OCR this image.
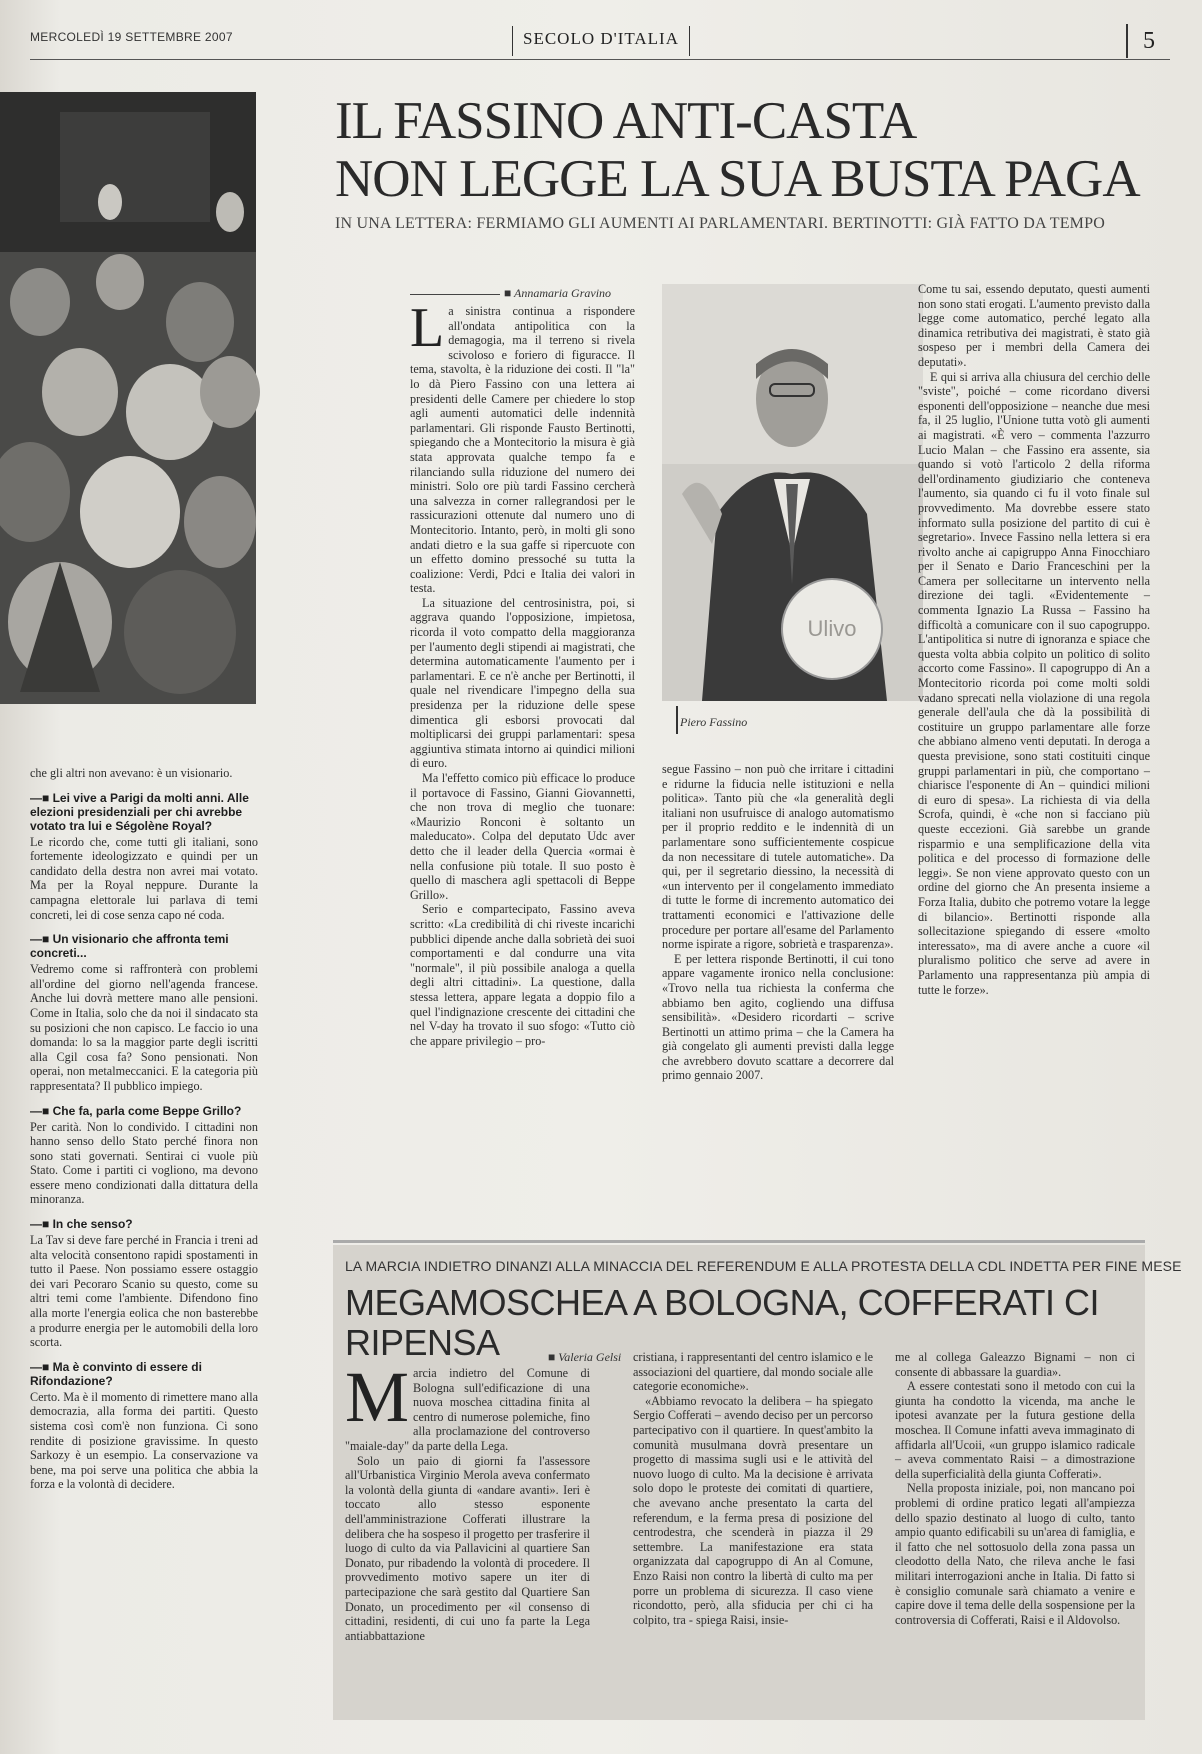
MERCOLEDÌ 19 SETTEMBRE 2007	SECOLO D'ITALIA	5
IL FASSINO ANTI-CASTA
NON LEGGE LA SUA BUSTA PAGA
IN UNA LETTERA: FERMIAMO GLI AUMENTI AI PARLAMENTARI. BERTINOTTI: GIÀ FATTO DA TEMPO
■ Annamaria Gravino
Ulivo
Piero Fassino

La sinistra continua a rispondere all'ondata antipolitica con la demagogia, ma il terreno si rivela scivoloso e foriero di figuracce. Il tema, stavolta, è la riduzione dei costi. Il "la" lo dà Piero Fassino con una lettera ai presidenti delle Camere per chiedere lo stop agli aumenti automatici delle indennità parlamentari. Gli risponde Fausto Bertinotti, spiegando che a Montecitorio la misura è già stata approvata qualche tempo fa e rilanciando sulla riduzione del numero dei ministri. Solo ore più tardi Fassino cercherà una salvezza in corner rallegrandosi per le rassicurazioni ottenute dal numero uno di Montecitorio. Intanto, però, in molti gli sono andati dietro e la sua gaffe si ripercuote con un effetto domino pressoché su tutta la coalizione: Verdi, Pdci e Italia dei valori in testa.

La situazione del centrosinistra, poi, si aggrava quando l'opposizione, impietosa, ricorda il voto compatto della maggioranza per l'aumento degli stipendi ai magistrati, che determina automaticamente l'aumento per i parlamentari. E ce n'è anche per Bertinotti, il quale nel rivendicare l'impegno della sua presidenza per la riduzione delle spese dimentica gli esborsi provocati dal moltiplicarsi dei gruppi parlamentari: spesa aggiuntiva stimata intorno ai quindici milioni di euro.

Ma l'effetto comico più efficace lo produce il portavoce di Fassino, Gianni Giovannetti, che non trova di meglio che tuonare: «Maurizio Ronconi è soltanto un maleducato». Colpa del deputato Udc aver detto che il leader della Quercia «ormai è nella confusione più totale. Il suo posto è quello di maschera agli spettacoli di Beppe Grillo».

Serio e compartecipato, Fassino aveva scritto: «La credibilità di chi riveste incarichi pubblici dipende anche dalla sobrietà dei suoi comportamenti e dal condurre una vita "normale", il più possibile analoga a quella degli altri cittadini». La questione, dalla stessa lettera, appare legata a doppio filo a quel l'indignazione crescente dei cittadini che nel V-day ha trovato il suo sfogo: «Tutto ciò che appare privilegio – pro-

segue Fassino – non può che irritare i cittadini e ridurne la fiducia nelle istituzioni e nella politica». Tanto più che «la generalità degli italiani non usufruisce di analogo automatismo per il proprio reddito e le indennità di un parlamentare sono sufficientemente cospicue da non necessitare di tutele automatiche». Da qui, per il segretario diessino, la necessità di «un intervento per il congelamento immediato di tutte le forme di incremento automatico dei trattamenti economici e l'attivazione delle procedure per portare all'esame del Parlamento norme ispirate a rigore, sobrietà e trasparenza».

E per lettera risponde Bertinotti, il cui tono appare vagamente ironico nella conclusione: «Trovo nella tua richiesta la conferma che abbiamo ben agito, cogliendo una diffusa sensibilità». «Desidero ricordarti – scrive Bertinotti un attimo prima – che la Camera ha già congelato gli aumenti previsti dalla legge che avrebbero dovuto scattare a decorrere dal primo gennaio 2007.

Come tu sai, essendo deputato, questi aumenti non sono stati erogati. L'aumento previsto dalla legge come automatico, perché legato alla dinamica retributiva dei magistrati, è stato già sospeso per i membri della Camera dei deputati».

E qui si arriva alla chiusura del cerchio delle "sviste", poiché – come ricordano diversi esponenti dell'opposizione – neanche due mesi fa, il 25 luglio, l'Unione tutta votò gli aumenti ai magistrati. «È vero – commenta l'azzurro Lucio Malan – che Fassino era assente, sia quando si votò l'articolo 2 della riforma dell'ordinamento giudiziario che conteneva l'aumento, sia quando ci fu il voto finale sul provvedimento. Ma dovrebbe essere stato informato sulla posizione del partito di cui è segretario». Invece Fassino nella lettera si era rivolto anche ai capigruppo Anna Finocchiaro per il Senato e Dario Franceschini per la Camera per sollecitarne un intervento nella direzione dei tagli. «Evidentemente – commenta Ignazio La Russa – Fassino ha difficoltà a comunicare con il suo capogruppo. L'antipolitica si nutre di ignoranza e spiace che questa volta abbia colpito un politico di solito accorto come Fassino». Il capogruppo di An a Montecitorio ricorda poi come molti soldi vadano sprecati nella violazione di una regola generale dell'aula che dà la possibilità di costituire un gruppo parlamentare alle forze che abbiano almeno venti deputati. In deroga a questa previsione, sono stati costituiti cinque gruppi parlamentari in più, che comportano – chiarisce l'esponente di An – quindici milioni di euro di spesa». La richiesta di via della Scrofa, quindi, è «che non si facciano più queste eccezioni. Già sarebbe un grande risparmio e una semplificazione della vita politica e del processo di formazione delle leggi». Se non viene approvato questo con un ordine del giorno che An presenta insieme a Forza Italia, dubito che potremo votare la legge di bilancio». Bertinotti risponde alla sollecitazione spiegando di essere «molto interessato», ma di avere anche a cuore «il pluralismo politico che serve ad avere in Parlamento una rappresentanza più ampia di tutte le forze».

che gli altri non avevano: è un visionario.

—■ Lei vive a Parigi da molti anni. Alle elezioni presidenziali per chi avrebbe votato tra lui e Ségolène Royal?

Le ricordo che, come tutti gli italiani, sono fortemente ideologizzato e quindi per un candidato della destra non avrei mai votato. Ma per la Royal neppure. Durante la campagna elettorale lui parlava di temi concreti, lei di cose senza capo né coda.

—■ Un visionario che affronta temi concreti...

Vedremo come si raffronterà con problemi all'ordine del giorno nell'agenda francese. Anche lui dovrà mettere mano alle pensioni. Come in Italia, solo che da noi il sindacato sta su posizioni che non capisco. Le faccio io una domanda: lo sa la maggior parte degli iscritti alla Cgil cosa fa? Sono pensionati. Non operai, non metalmeccanici. E la categoria più rappresentata? Il pubblico impiego.

—■ Che fa, parla come Beppe Grillo?

Per carità. Non lo condivido. I cittadini non hanno senso dello Stato perché finora non sono stati governati. Sentirai ci vuole più Stato. Come i partiti ci vogliono, ma devono essere meno condizionati dalla dittatura della minoranza.

—■ In che senso?

La Tav si deve fare perché in Francia i treni ad alta velocità consentono rapidi spostamenti in tutto il Paese. Non possiamo essere ostaggio dei vari Pecoraro Scanio su questo, come su altri temi come l'ambiente. Difendono fino alla morte l'energia eolica che non basterebbe a produrre energia per le automobili della loro scorta.

—■ Ma è convinto di essere di Rifondazione?

Certo. Ma è il momento di rimettere mano alla democrazia, alla forma dei partiti. Questo sistema così com'è non funziona. Ci sono rendite di posizione gravissime. In questo Sarkozy è un esempio. La conservazione va bene, ma poi serve una politica che abbia la forza e la volontà di decidere.

LA MARCIA INDIETRO DINANZI ALLA MINACCIA DEL REFERENDUM E ALLA PROTESTA DELLA CDL INDETTA PER FINE MESE
MEGAMOSCHEA A BOLOGNA, COFFERATI CI RIPENSA	■ Valeria Gelsi

Marcia indietro del Comune di Bologna sull'edificazione di una nuova moschea cittadina finita al centro di numerose polemiche, fino alla proclamazione del controverso "maiale-day" da parte della Lega.

Solo un paio di giorni fa l'assessore all'Urbanistica Virginio Merola aveva confermato la volontà della giunta di «andare avanti». Ieri è toccato allo stesso esponente dell'amministrazione Cofferati illustrare la delibera che ha sospeso il progetto per trasferire il luogo di culto da via Pallavicini al quartiere San Donato, pur ribadendo la volontà di procedere. Il provvedimento motivo sapere un iter di partecipazione che sarà gestito dal Quartiere San Donato, un procedimento per «il consenso di cittadini, residenti, di cui uno fa parte la Lega antiabbattazione

cristiana, i rappresentanti del centro islamico e le associazioni del quartiere, dal mondo sociale alle categorie economiche».

«Abbiamo revocato la delibera – ha spiegato Sergio Cofferati – avendo deciso per un percorso partecipativo con il quartiere. In quest'ambito la comunità musulmana dovrà presentare un progetto di massima sugli usi e le attività del nuovo luogo di culto. Ma la decisione è arrivata solo dopo le proteste dei comitati di quartiere, che avevano anche presentato la carta del referendum, e la ferma presa di posizione del centrodestra, che scenderà in piazza il 29 settembre. La manifestazione era stata organizzata dal capogruppo di An al Comune, Enzo Raisi non contro la libertà di culto ma per porre un problema di sicurezza. Il caso viene ricondotto, però, alla sfiducia per chi ci ha colpito, tra - spiega Raisi, insie-

me al collega Galeazzo Bignami – non ci consente di abbassare la guardia».

A essere contestati sono il metodo con cui la giunta ha condotto la vicenda, ma anche le ipotesi avanzate per la futura gestione della moschea. Il Comune infatti aveva immaginato di affidarla all'Ucoii, «un gruppo islamico radicale – aveva commentato Raisi – a dimostrazione della superficialità della giunta Cofferati».

Nella proposta iniziale, poi, non mancano poi problemi di ordine pratico legati all'ampiezza dello spazio destinato al luogo di culto, tanto ampio quanto edificabili su un'area di famiglia, e il fatto che nel sottosuolo della zona passa un cleodotto della Nato, che rileva anche le fasi militari interrogazioni anche in Italia. Di fatto si è consiglio comunale sarà chiamato a venire e capire dove il tema delle della sospensione per la controversia di Cofferati, Raisi e il Aldovolso.
